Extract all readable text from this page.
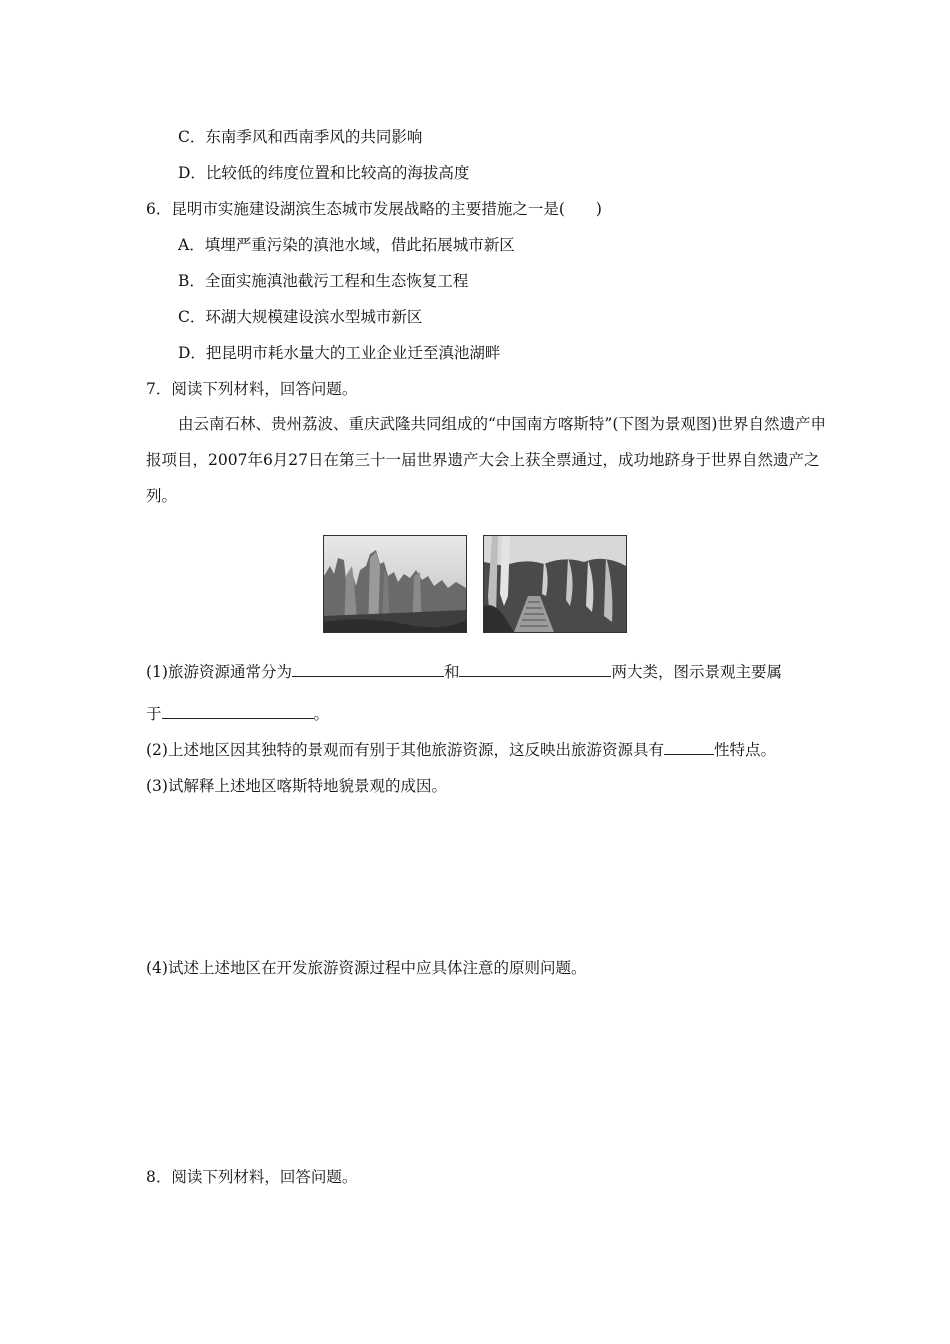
C．东南季风和西南季风的共同影响
D．比较低的纬度位置和比较高的海拔高度
6．昆明市实施建设湖滨生态城市发展战略的主要措施之一是(　　)
A．填埋严重污染的滇池水域，借此拓展城市新区
B．全面实施滇池截污工程和生态恢复工程
C．环湖大规模建设滨水型城市新区
D．把昆明市耗水量大的工业企业迁至滇池湖畔
7．阅读下列材料，回答问题。
由云南石林、贵州荔波、重庆武隆共同组成的“中国南方喀斯特”(下图为景观图)世界自然遗产申报项目，2007年6月27日在第三十一届世界遗产大会上获全票通过，成功地跻身于世界自然遗产之列。
(1)旅游资源通常分为	和	两大类，图示景观主要属
于	。
(2)上述地区因其独特的景观而有别于其他旅游资源，这反映出旅游资源具有	性特点。
(3)试解释上述地区喀斯特地貌景观的成因。
(4)试述上述地区在开发旅游资源过程中应具体注意的原则问题。
8．阅读下列材料，回答问题。
